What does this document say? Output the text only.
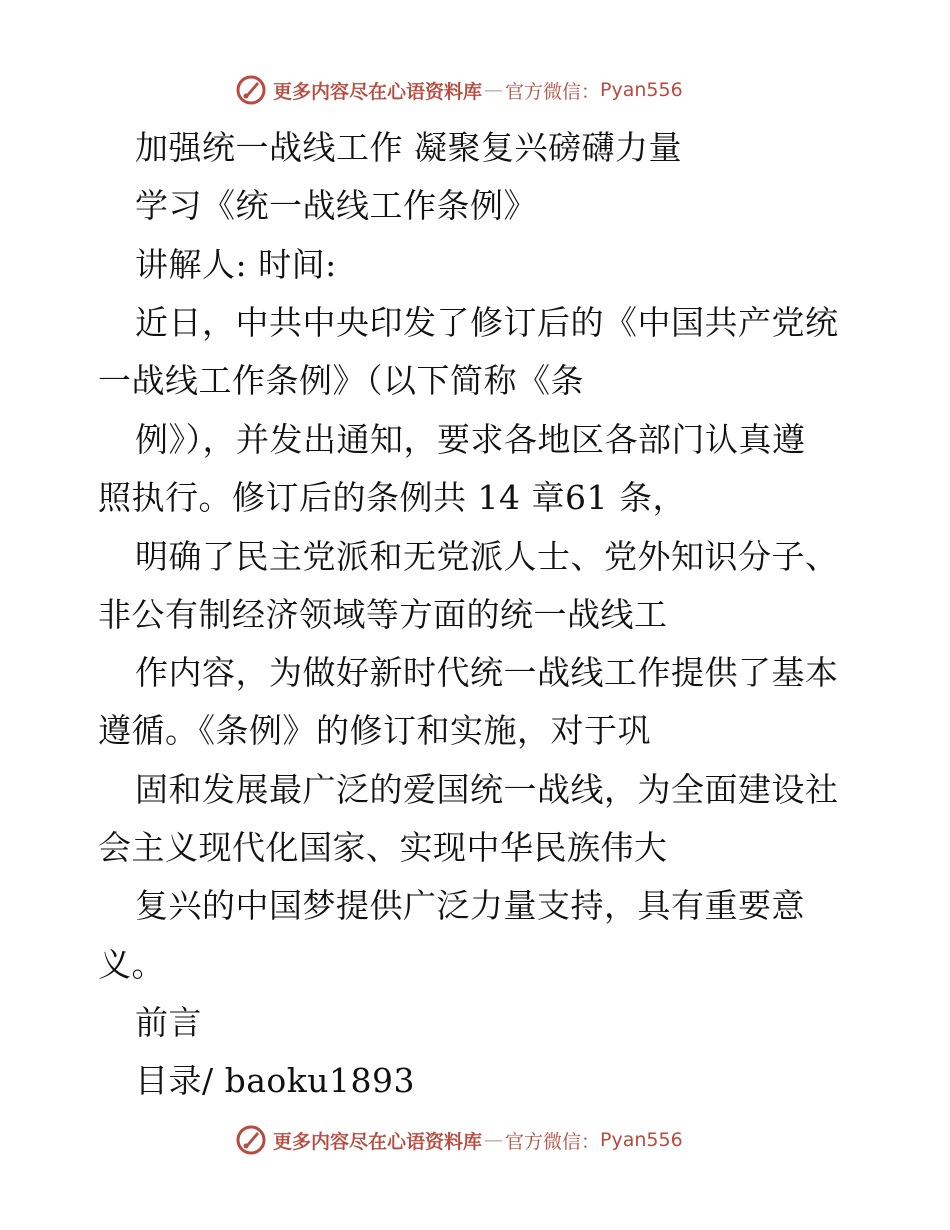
更多内容尽在心语资料库 — 官方微信： Pyan556
加强统一战线工作 凝聚复兴磅礴力量
学习《统一战线工作条例》
讲解人: 时间:
近日，中共中央印发了修订后的《中国共产党统
一战线工作条例》（以下简称《条
例》），并发出通知，要求各地区各部门认真遵
照执行。修订后的条例共 14 章61 条，
明确了民主党派和无党派人士、党外知识分子、
非公有制经济领域等方面的统一战线工
作内容，为做好新时代统一战线工作提供了基本
遵循。《条例》的修订和实施，对于巩
固和发展最广泛的爱国统一战线，为全面建设社
会主义现代化国家、实现中华民族伟大
复兴的中国梦提供广泛力量支持，具有重要意
义。
前言
目录/ baoku1893
更多内容尽在心语资料库 — 官方微信： Pyan556
